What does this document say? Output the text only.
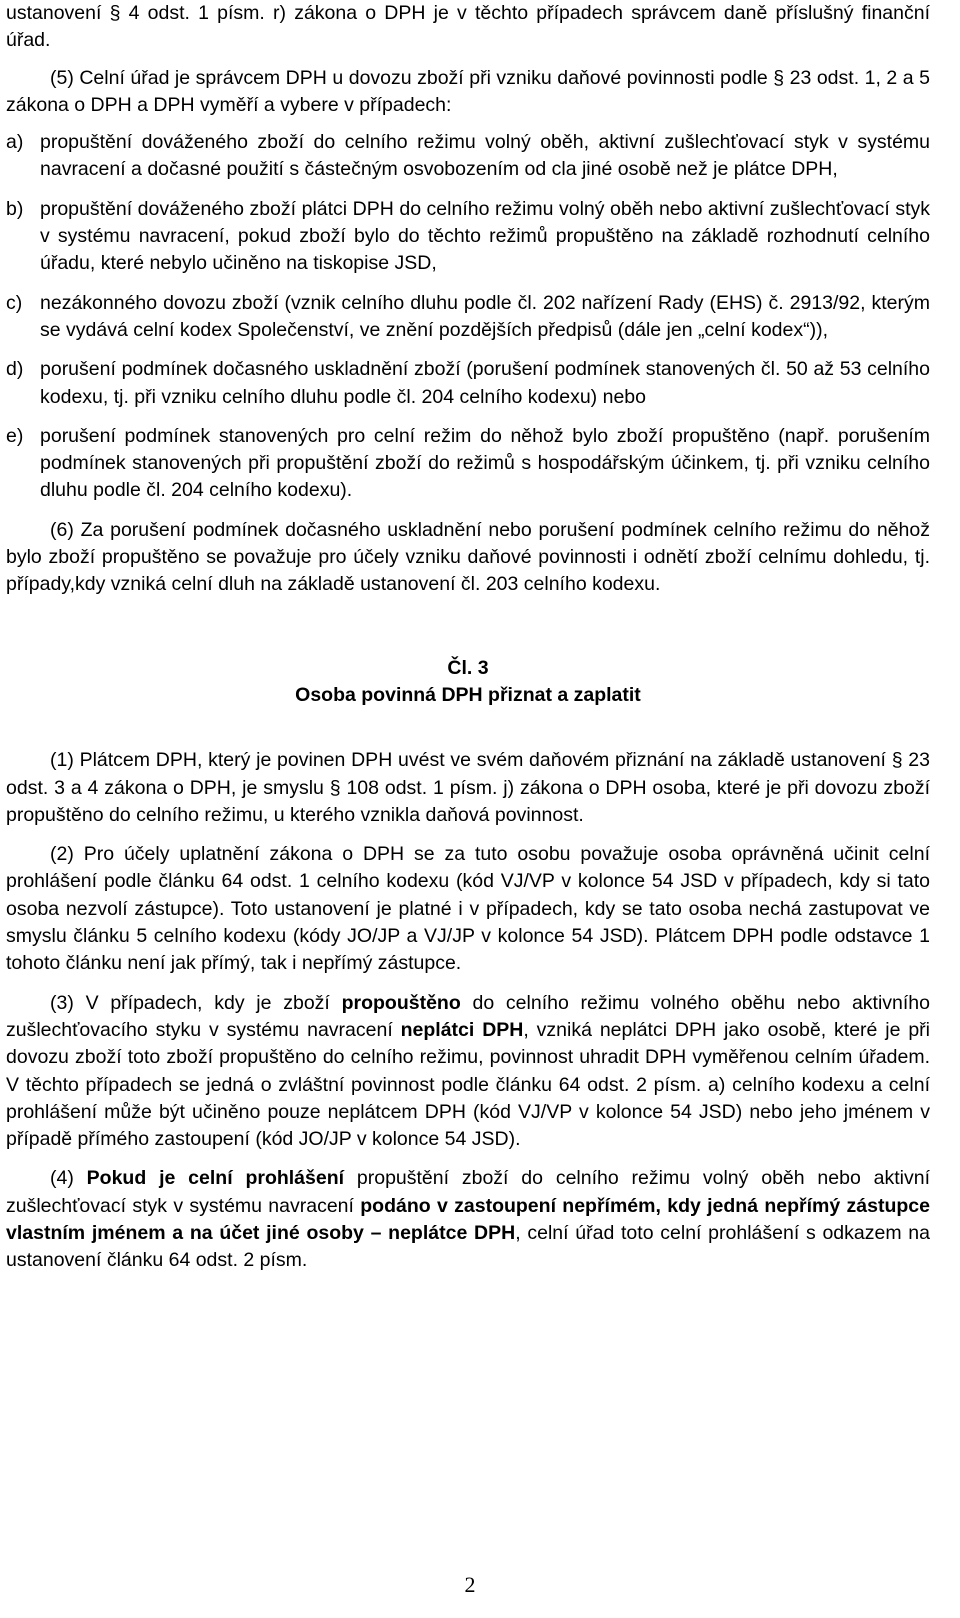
ustanovení § 4 odst. 1 písm. r) zákona o DPH je v těchto případech správcem daně příslušný finanční úřad.

(5) Celní úřad je správcem DPH u dovozu zboží při vzniku daňové povinnosti podle § 23 odst. 1, 2 a 5 zákona o DPH a DPH vyměří a vybere v případech:

a) propuštění dováženého zboží do celního režimu volný oběh, aktivní zušlechťovací styk v systému navracení a dočasné použití s částečným osvobozením od cla jiné osobě než je plátce DPH,
b) propuštění dováženého zboží plátci DPH do celního režimu volný oběh nebo aktivní zušlechťovací styk v systému navracení, pokud zboží bylo do těchto režimů propuštěno na základě rozhodnutí celního úřadu, které nebylo učiněno na tiskopise JSD,
c) nezákonného dovozu zboží (vznik celního dluhu podle čl. 202 nařízení Rady (EHS) č. 2913/92, kterým se vydává celní kodex Společenství, ve znění pozdějších předpisů (dále jen „celní kodex“)),
d) porušení podmínek dočasného uskladnění zboží (porušení podmínek stanovených čl. 50 až 53 celního kodexu, tj. při vzniku celního dluhu podle čl. 204 celního kodexu) nebo
e) porušení podmínek stanovených pro celní režim do něhož bylo zboží propuštěno (např. porušením podmínek stanovených při propuštění zboží do režimů s hospodářským účinkem, tj. při vzniku celního dluhu podle čl. 204 celního kodexu).

(6) Za porušení podmínek dočasného uskladnění nebo porušení podmínek celního režimu do něhož bylo zboží propuštěno se považuje pro účely vzniku daňové povinnosti i odnětí zboží celnímu dohledu, tj. případy,kdy vzniká celní dluh na základě ustanovení čl. 203 celního kodexu.

Čl. 3
Osoba povinná DPH přiznat a zaplatit

(1) Plátcem DPH, který je povinen DPH uvést ve svém daňovém přiznání na základě ustanovení § 23 odst. 3 a 4 zákona o DPH, je smyslu § 108 odst. 1 písm. j) zákona o DPH osoba, které je při dovozu zboží propuštěno do celního režimu, u kterého vznikla daňová povinnost.

(2) Pro účely uplatnění zákona o DPH se za tuto osobu považuje osoba oprávněná učinit celní prohlášení podle článku 64 odst. 1 celního kodexu (kód VJ/VP v kolonce 54 JSD v případech, kdy si tato osoba nezvolí zástupce). Toto ustanovení je platné i v případech, kdy se tato osoba nechá zastupovat ve smyslu článku 5 celního kodexu (kódy JO/JP a VJ/JP v kolonce 54 JSD). Plátcem DPH podle odstavce 1 tohoto článku není jak přímý, tak i nepřímý zástupce.

(3) V případech, kdy je zboží propouštěno do celního režimu volného oběhu nebo aktivního zušlechťovacího styku v systému navracení neplátci DPH, vzniká neplátci DPH jako osobě, které je při dovozu zboží toto zboží propuštěno do celního režimu, povinnost uhradit DPH vyměřenou celním úřadem. V těchto případech se jedná o zvláštní povinnost podle článku 64 odst. 2 písm. a) celního kodexu a celní prohlášení může být učiněno pouze neplátcem DPH (kód VJ/VP v kolonce 54 JSD) nebo jeho jménem v případě přímého zastoupení (kód JO/JP v kolonce 54 JSD).

(4) Pokud je celní prohlášení propuštění zboží do celního režimu volný oběh nebo aktivní zušlechťovací styk v systému navracení podáno v zastoupení nepřímém, kdy jedná nepřímý zástupce vlastním jménem a na účet jiné osoby – neplátce DPH, celní úřad toto celní prohlášení s odkazem na ustanovení článku 64 odst. 2 písm.

2
